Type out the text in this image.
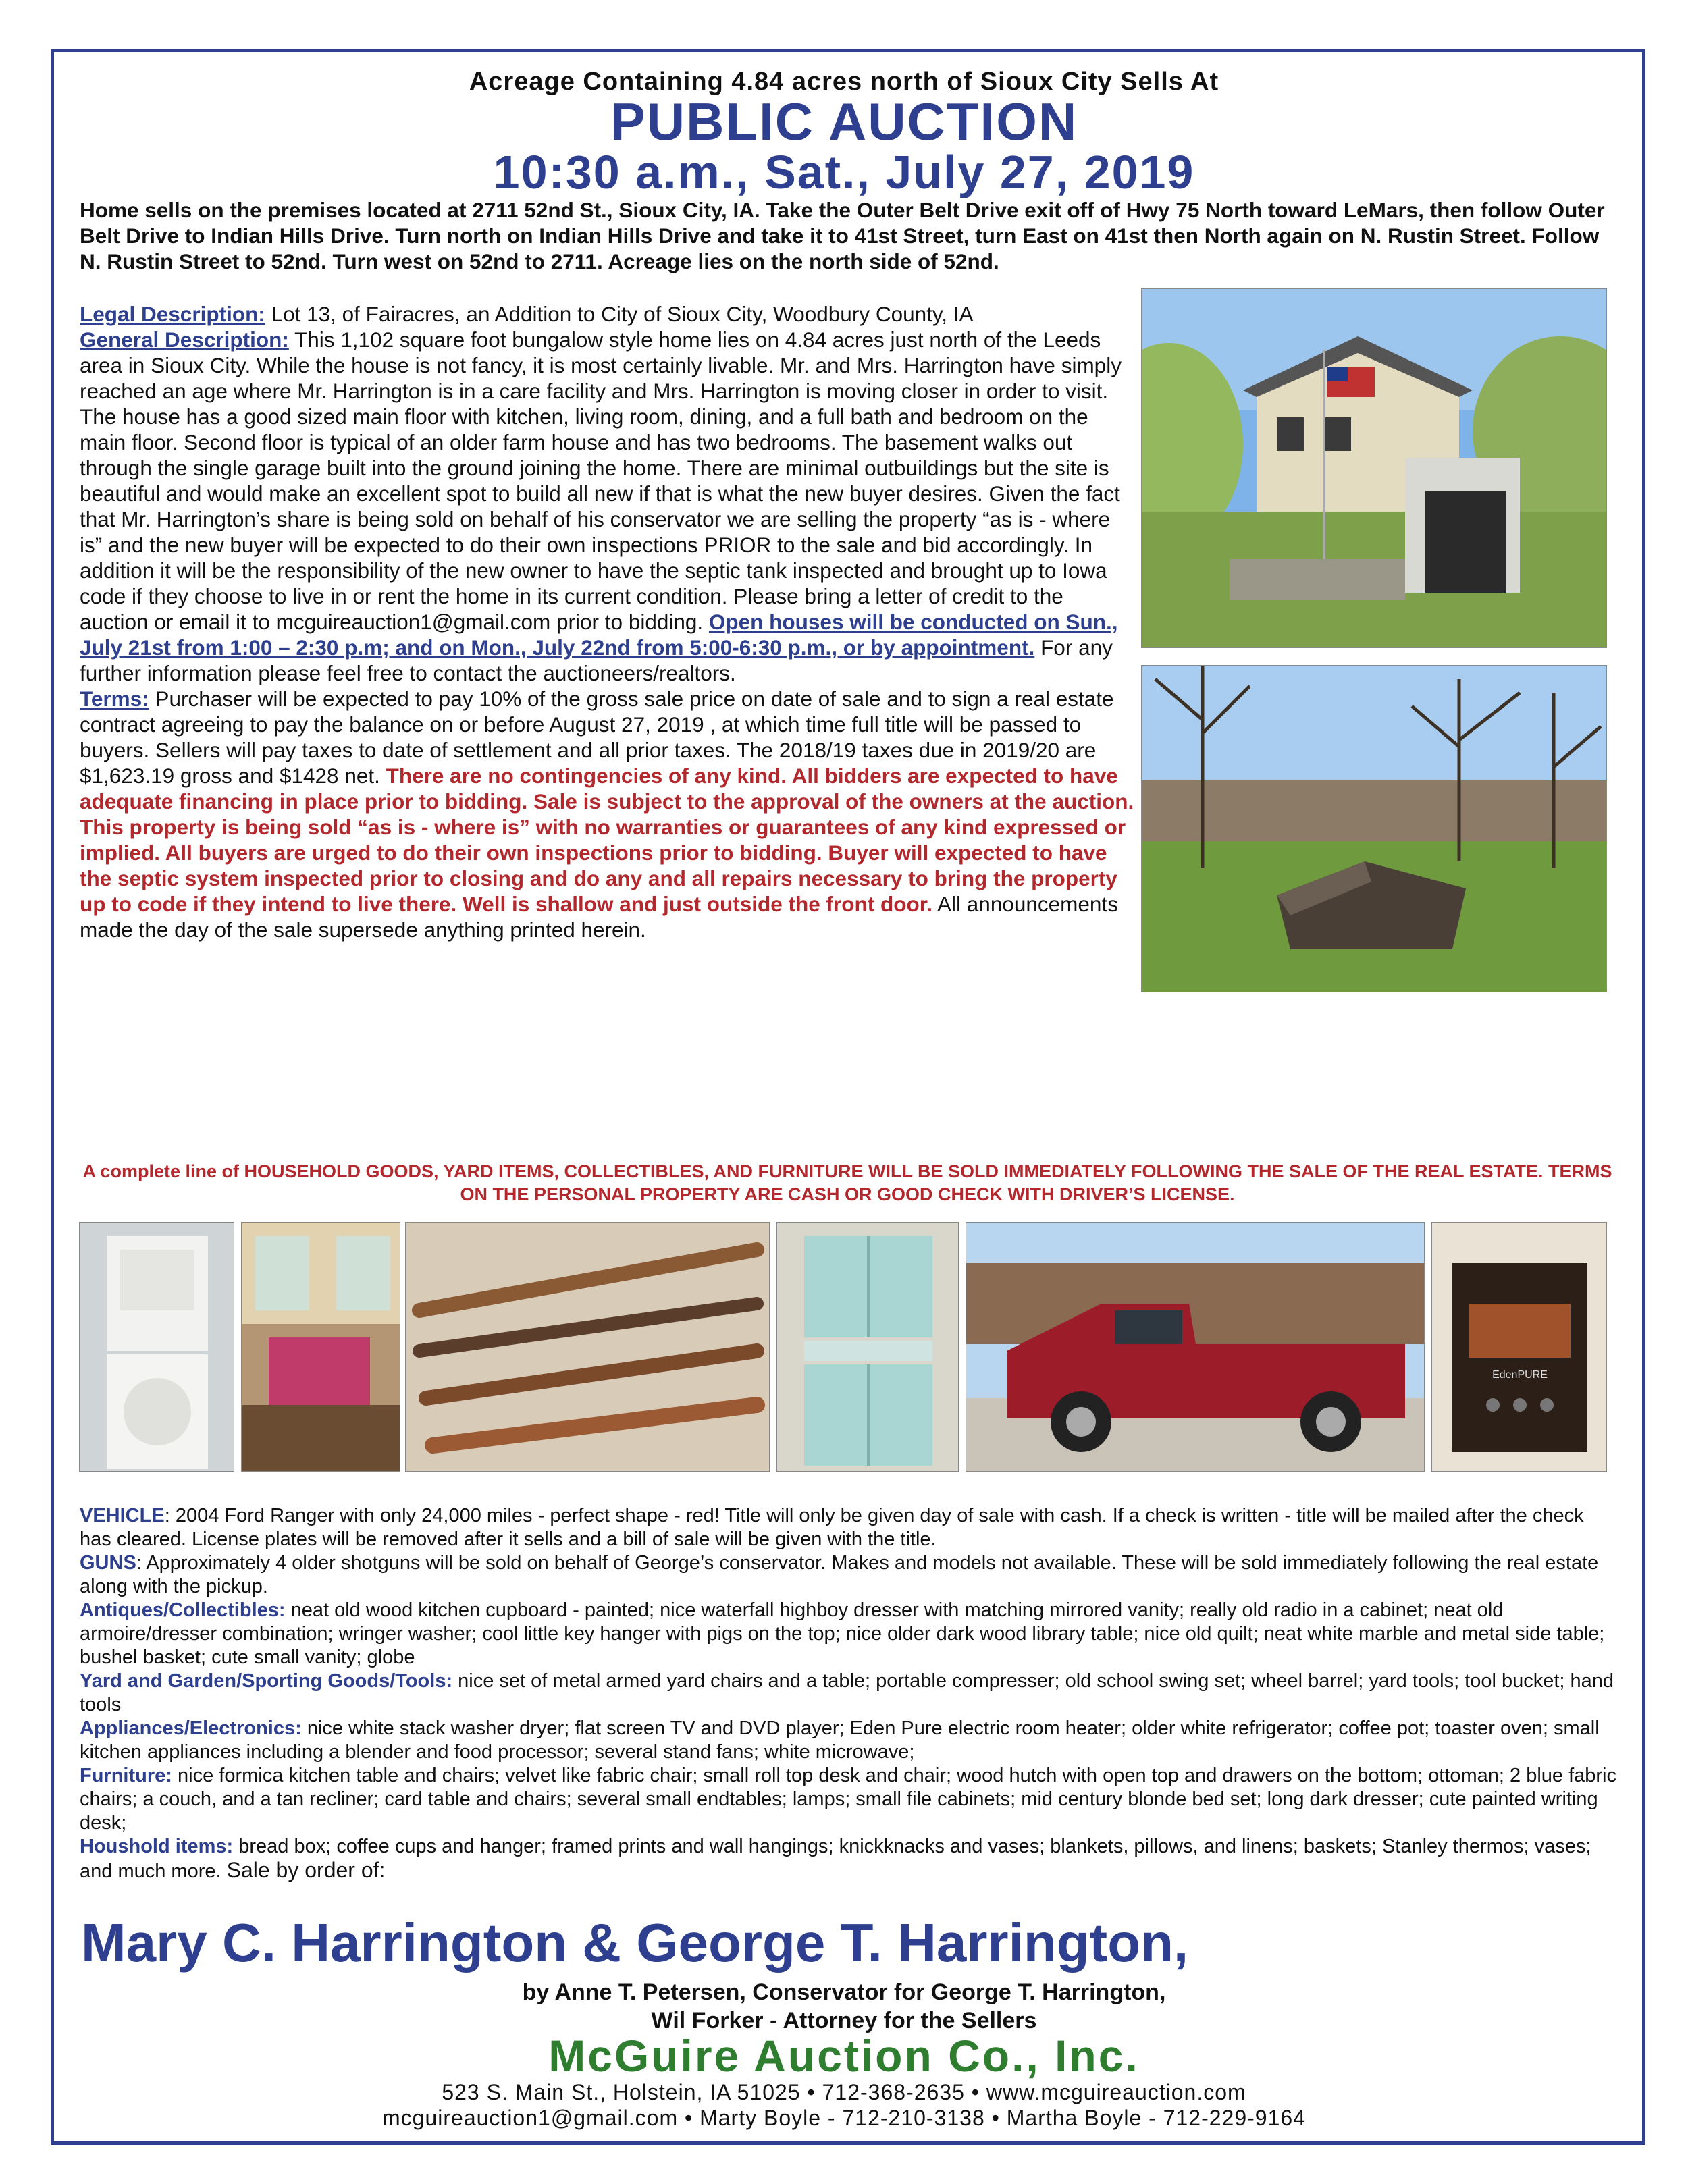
Acreage Containing 4.84 acres north of Sioux City Sells At
PUBLIC AUCTION
10:30 a.m., Sat., July 27, 2019
Home sells on the premises located at 2711 52nd St., Sioux City, IA. Take the Outer Belt Drive exit off of Hwy 75 North toward LeMars, then follow Outer Belt Drive to Indian Hills Drive. Turn north on Indian Hills Drive and take it to 41st Street, turn East on 41st then North again on N. Rustin Street. Follow N. Rustin Street to 52nd. Turn west on 52nd to 2711. Acreage lies on the north side of 52nd.
Legal Description: Lot 13, of Fairacres, an Addition to City of Sioux City, Woodbury County, IA
General Description: This 1,102 square foot bungalow style home lies on 4.84 acres just north of the Leeds area in Sioux City. While the house is not fancy, it is most certainly livable. Mr. and Mrs. Harrington have simply reached an age where Mr. Harrington is in a care facility and Mrs. Harrington is moving closer in order to visit. The house has a good sized main floor with kitchen, living room, dining, and a full bath and bedroom on the main floor. Second floor is typical of an older farm house and has two bedrooms. The basement walks out through the single garage built into the ground joining the home. There are minimal outbuildings but the site is beautiful and would make an excellent spot to build all new if that is what the new buyer desires. Given the fact that Mr. Harrington’s share is being sold on behalf of his conservator we are selling the property “as is - where is” and the new buyer will be expected to do their own inspections PRIOR to the sale and bid accordingly. In addition it will be the responsibility of the new owner to have the septic tank inspected and brought up to Iowa code if they choose to live in or rent the home in its current condition. Please bring a letter of credit to the auction or email it to mcguireauction1@gmail.com prior to bidding. Open houses will be conducted on Sun., July 21st from 1:00 – 2:30 p.m; and on Mon., July 22nd from 5:00-6:30 p.m., or by appointment. For any further information please feel free to contact the auctioneers/realtors.
Terms: Purchaser will be expected to pay 10% of the gross sale price on date of sale and to sign a real estate contract agreeing to pay the balance on or before August 27, 2019 , at which time full title will be passed to buyers. Sellers will pay taxes to date of settlement and all prior taxes. The 2018/19 taxes due in 2019/20 are $1,623.19 gross and $1428 net. There are no contingencies of any kind. All bidders are expected to have adequate financing in place prior to bidding. Sale is subject to the approval of the owners at the auction. This property is being sold “as is - where is” with no warranties or guarantees of any kind expressed or implied. All buyers are urged to do their own inspections prior to bidding. Buyer will expected to have the septic system inspected prior to closing and do any and all repairs necessary to bring the property up to code if they intend to live there. Well is shallow and just outside the front door. All announcements made the day of the sale supersede anything printed herein.
A complete line of HOUSEHOLD GOODS, YARD ITEMS, COLLECTIBLES, AND FURNITURE WILL BE SOLD IMMEDIATELY FOLLOWING THE SALE OF THE REAL ESTATE. TERMS ON THE PERSONAL PROPERTY ARE CASH OR GOOD CHECK WITH DRIVER’S LICENSE.
EdenPURE
VEHICLE: 2004 Ford Ranger with only 24,000 miles - perfect shape - red! Title will only be given day of sale with cash. If a check is written - title will be mailed after the check has cleared. License plates will be removed after it sells and a bill of sale will be given with the title.
GUNS: Approximately 4 older shotguns will be sold on behalf of George’s conservator. Makes and models not available. These will be sold immediately following the real estate along with the pickup.
Antiques/Collectibles: neat old wood kitchen cupboard - painted; nice waterfall highboy dresser with matching mirrored vanity; really old radio in a cabinet; neat old armoire/dresser combination; wringer washer; cool little key hanger with pigs on the top; nice older dark wood library table; nice old quilt; neat white marble and metal side table; bushel basket; cute small vanity; globe
Yard and Garden/Sporting Goods/Tools: nice set of metal armed yard chairs and a table; portable compresser; old school swing set; wheel barrel; yard tools; tool bucket; hand tools
Appliances/Electronics: nice white stack washer dryer; flat screen TV and DVD player; Eden Pure electric room heater; older white refrigerator; coffee pot; toaster oven; small kitchen appliances including a blender and food processor; several stand fans; white microwave;
Furniture: nice formica kitchen table and chairs; velvet like fabric chair; small roll top desk and chair; wood hutch with open top and drawers on the bottom; ottoman; 2 blue fabric chairs; a couch, and a tan recliner; card table and chairs; several small endtables; lamps; small file cabinets; mid century blonde bed set; long dark dresser; cute painted writing desk;
Houshold items: bread box; coffee cups and hanger; framed prints and wall hangings; knickknacks and vases; blankets, pillows, and linens; baskets; Stanley thermos; vases; and much more. Sale by order of:
Mary C. Harrington & George T. Harrington,
by Anne T. Petersen, Conservator for George T. Harrington,
Wil Forker - Attorney for the Sellers
McGuire Auction Co., Inc.
523 S. Main St., Holstein, IA 51025 • 712-368-2635 • www.mcguireauction.com
mcguireauction1@gmail.com • Marty Boyle - 712-210-3138 • Martha Boyle - 712-229-9164
